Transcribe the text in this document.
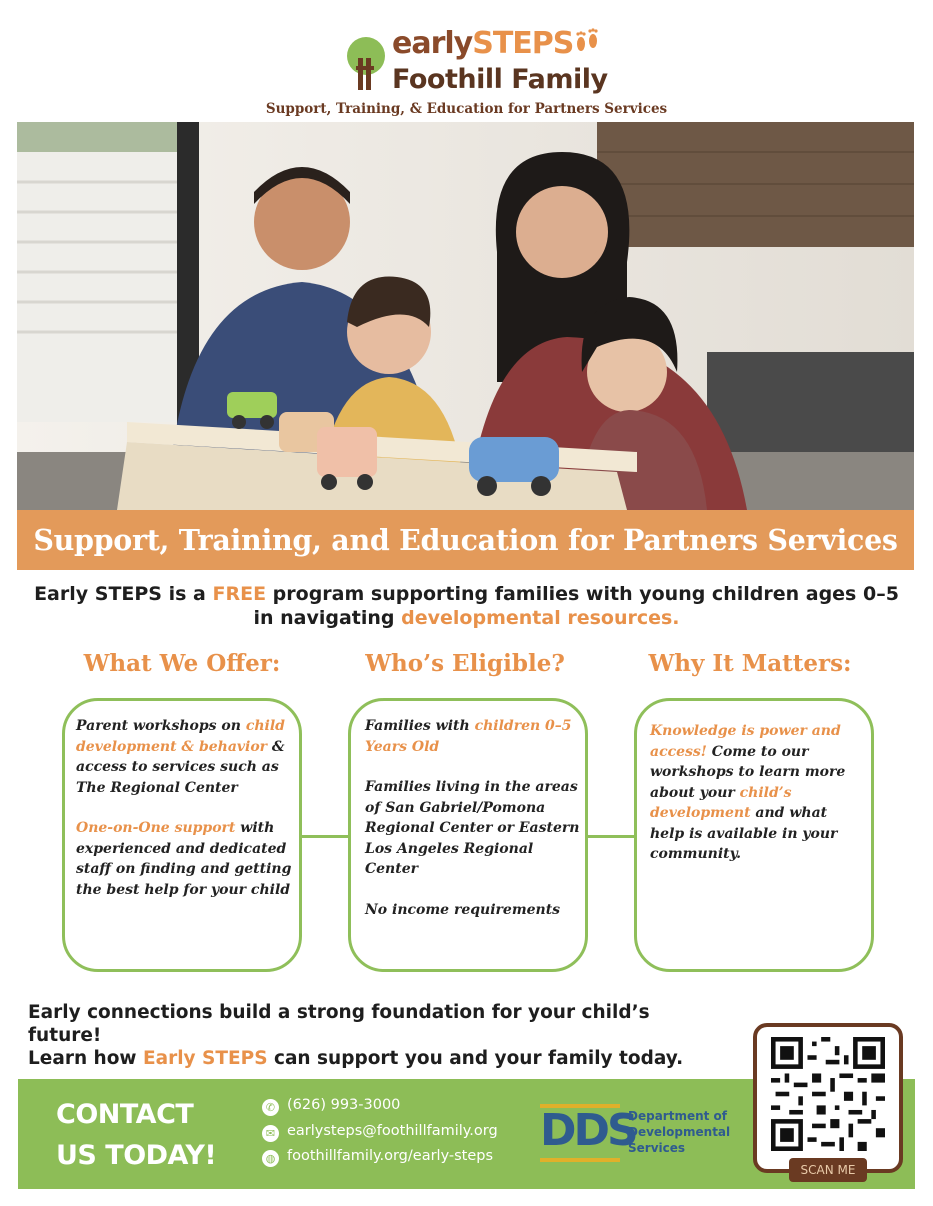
earlySTEPS
Foothill Family
Support, Training, & Education for Partners Services
Support, Training, and Education for Partners Services
Early STEPS is a FREE program supporting families with young children ages 0–5
in navigating developmental resources.
What We Offer:	Who’s Eligible?	Why It Matters:

Parent workshops on child development & behavior & access to services such as The Regional Center

One-on-One support with experienced and dedicated staff on finding and getting the best help for your child

Families with children 0–5 Years Old

Families living in the areas of San Gabriel/Pomona Regional Center or Eastern Los Angeles Regional Center

No income requirements

Knowledge is power and access! Come to our workshops to learn more about your child’s development and what help is available in your community.

Early connections build a strong foundation for your child’s future!
Learn how Early STEPS can support you and your family today.
CONTACT
US TODAY!
✆ (626) 993-3000
✉ earlysteps@foothillfamily.org
◍ foothillfamily.org/early-steps DDS
Department of
Developmental
Services
SCAN ME
